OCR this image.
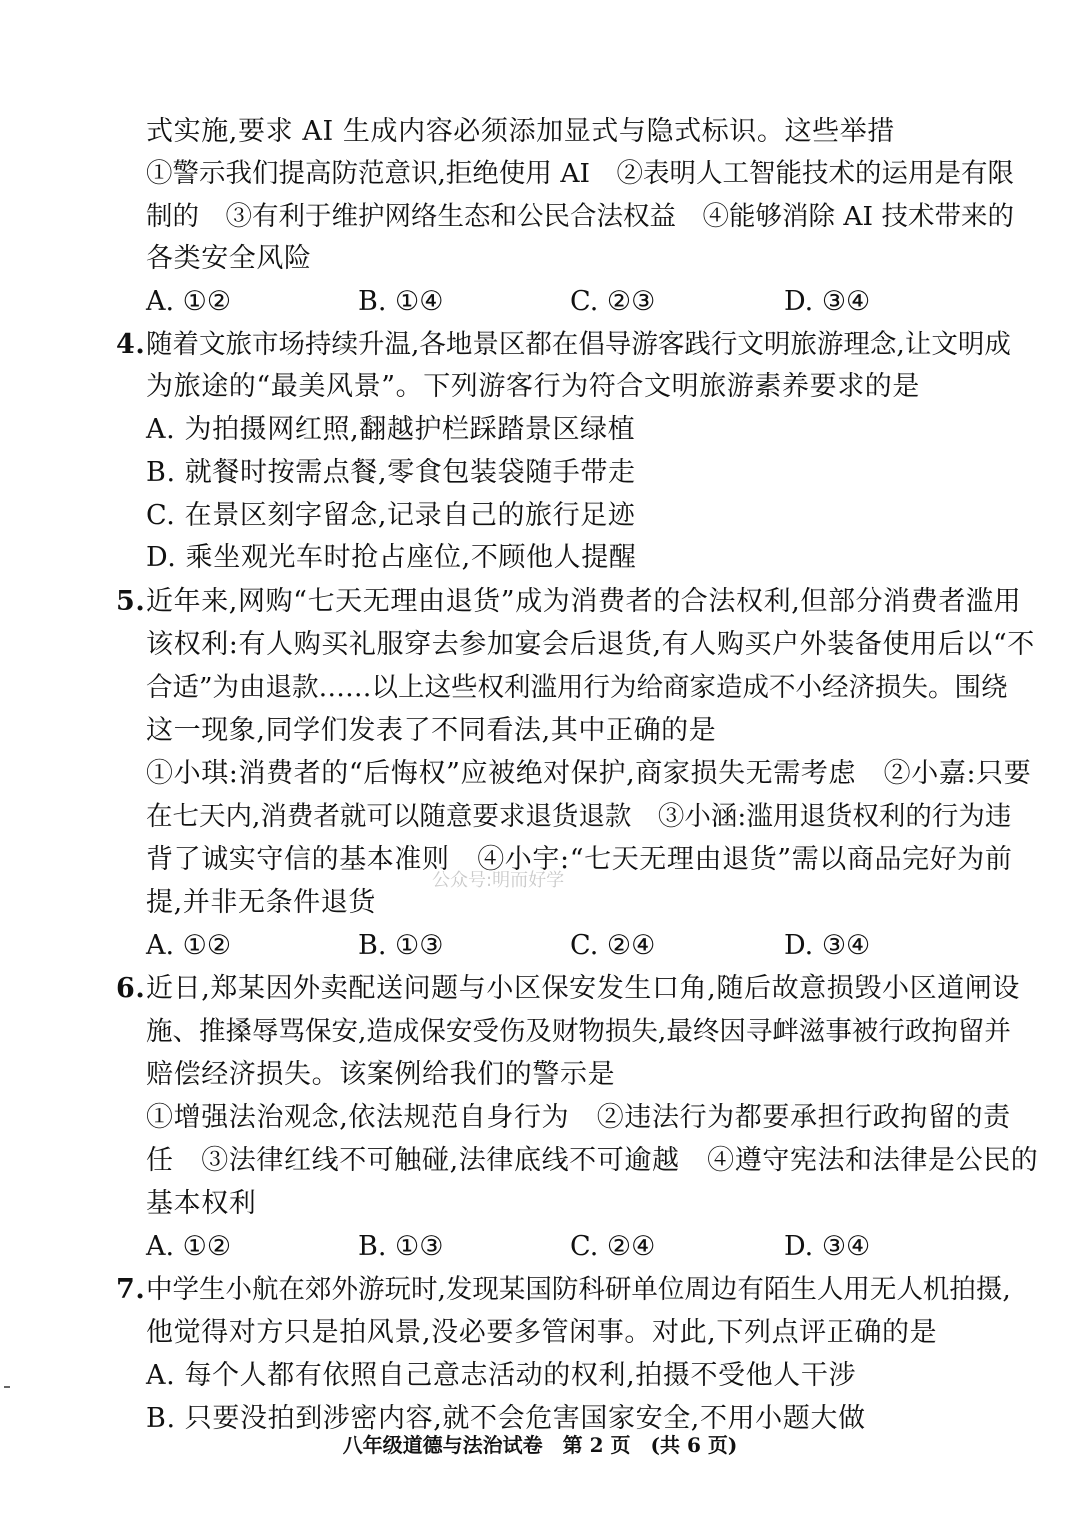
式实施,要求 AI 生成内容必须添加显式与隐式标识。这些举措
①警示我们提高防范意识,拒绝使用 AI　②表明人工智能技术的运用是有限
制的　③有利于维护网络生态和公民合法权益　④能够消除 AI 技术带来的
各类安全风险
A. ①②	B. ①④	C. ②③	D. ③④
4. 随着文旅市场持续升温,各地景区都在倡导游客践行文明旅游理念,让文明成
为旅途的“最美风景”。下列游客行为符合文明旅游素养要求的是
A. 为拍摄网红照,翻越护栏踩踏景区绿植
B. 就餐时按需点餐,零食包装袋随手带走
C. 在景区刻字留念,记录自己的旅行足迹
D. 乘坐观光车时抢占座位,不顾他人提醒
5. 近年来,网购“七天无理由退货”成为消费者的合法权利,但部分消费者滥用
该权利:有人购买礼服穿去参加宴会后退货,有人购买户外装备使用后以“不
合适”为由退款……以上这些权利滥用行为给商家造成不小经济损失。围绕
这一现象,同学们发表了不同看法,其中正确的是
①小琪:消费者的“后悔权”应被绝对保护,商家损失无需考虑　②小嘉:只要
在七天内,消费者就可以随意要求退货退款　③小涵:滥用退货权利的行为违
背了诚实守信的基本准则　④小宇:“七天无理由退货”需以商品完好为前
提,并非无条件退货
A. ①②	B. ①③	C. ②④	D. ③④
6. 近日,郑某因外卖配送问题与小区保安发生口角,随后故意损毁小区道闸设
施、推搡辱骂保安,造成保安受伤及财物损失,最终因寻衅滋事被行政拘留并
赔偿经济损失。该案例给我们的警示是
①增强法治观念,依法规范自身行为　②违法行为都要承担行政拘留的责
任　③法律红线不可触碰,法律底线不可逾越　④遵守宪法和法律是公民的
基本权利
A. ①②	B. ①③	C. ②④	D. ③④
7. 中学生小航在郊外游玩时,发现某国防科研单位周边有陌生人用无人机拍摄,
他觉得对方只是拍风景,没必要多管闲事。对此,下列点评正确的是
A. 每个人都有依照自己意志活动的权利,拍摄不受他人干涉
B. 只要没拍到涉密内容,就不会危害国家安全,不用小题大做
公众号:明而好学
八年级道德与法治试卷　第 2 页　(共 6 页)
